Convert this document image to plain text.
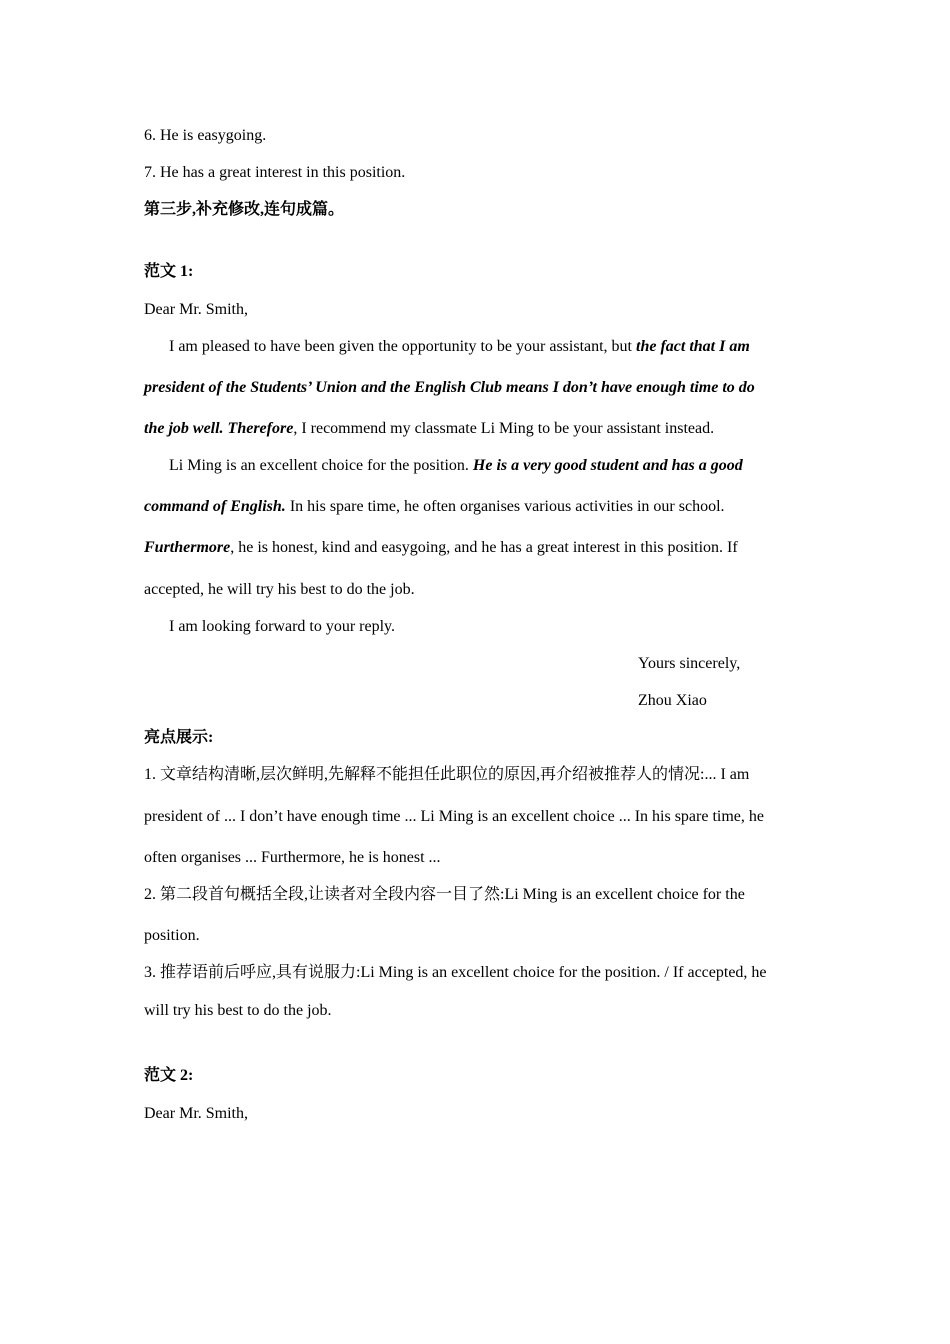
6. He is easygoing.
7. He has a great interest in this position.
第三步,补充修改,连句成篇。
范文 1:
Dear Mr. Smith,
I am pleased to have been given the opportunity to be your assistant, but the fact that I am
president of the Students’ Union and the English Club means I don’t have enough time to do
the job well. Therefore, I recommend my classmate Li Ming to be your assistant instead.
Li Ming is an excellent choice for the position. He is a very good student and has a good
command of English. In his spare time, he often organises various activities in our school.
Furthermore, he is honest, kind and easygoing, and he has a great interest in this position. If
accepted, he will try his best to do the job.
I am looking forward to your reply.
Yours sincerely,
Zhou Xiao
亮点展示:
1. 文章结构清晰,层次鲜明,先解释不能担任此职位的原因,再介绍被推荐人的情况:... I am
president of ... I don’t have enough time ... Li Ming is an excellent choice ... In his spare time, he
often organises ... Furthermore, he is honest ...
2. 第二段首句概括全段,让读者对全段内容一目了然:Li Ming is an excellent choice for the
position.
3. 推荐语前后呼应,具有说服力:Li Ming is an excellent choice for the position. / If accepted, he
will try his best to do the job.
范文 2:
Dear Mr. Smith,
